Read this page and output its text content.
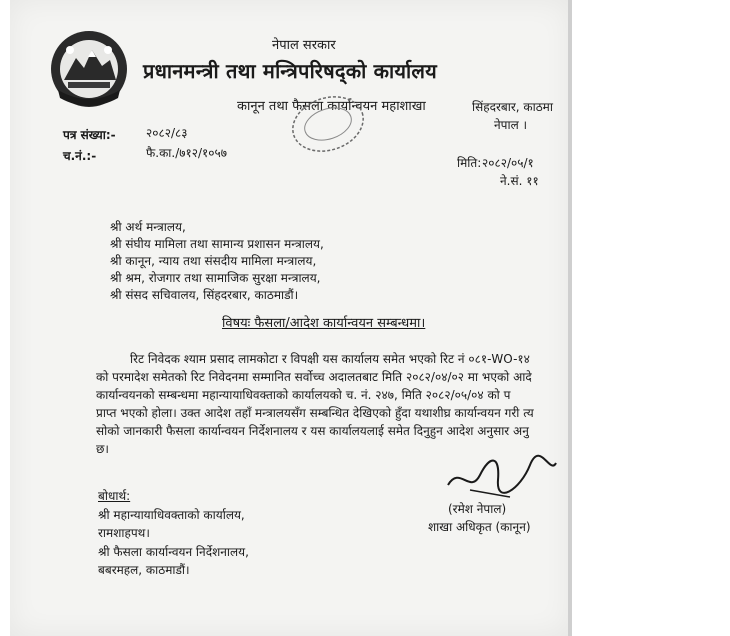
नेपाल सरकार
प्रधानमन्त्री तथा मन्त्रिपरिषद्को कार्यालय
कानून तथा फैसला कार्यान्वयन महाशाखा	सिंहदरबार, काठमा
नेपाल ।
पत्र संख्या:-	२०८२/८३
च.नं.:-	फै.का./७१२/१०५७
मिति: २०८२/०५/१
ने.सं. ११
श्री अर्थ मन्त्रालय,
श्री संघीय मामिला तथा सामान्य प्रशासन मन्त्रालय,
श्री कानून, न्याय तथा संसदीय मामिला मन्त्रालय,
श्री श्रम, रोजगार तथा सामाजिक सुरक्षा मन्त्रालय,
श्री संसद सचिवालय, सिंहदरबार, काठमाडौं।
विषयः फैसला/आदेश कार्यान्वयन सम्बन्धमा।
रिट निवेदक श्याम प्रसाद लामकोटा र विपक्षी यस कार्यालय समेत भएको रिट नं ०८१-WO-१४
को परमादेश समेतको रिट निवेदनमा सम्मानित सर्वोच्च अदालतबाट मिति २०८२/०४/०२ मा भएको आदे
कार्यान्वयनको सम्बन्धमा महान्यायाधिवक्ताको कार्यालयको च. नं. २४७, मिति २०८२/०५/०४ को प
प्राप्त भएको होला। उक्त आदेश तहाँ मन्त्रालयसँग सम्बन्धित देखिएको हुँदा यथाशीघ्र कार्यान्वयन गरी त्य
सोको जानकारी फैसला कार्यान्वयन निर्देशनालय र यस कार्यालयलाई समेत दिनुहुन आदेश अनुसार अनु
छ।
(रमेश नेपाल)
शाखा अधिकृत (कानून)
बोधार्थ:
श्री महान्यायाधिवक्ताको कार्यालय,
रामशाहपथ।
श्री फैसला कार्यान्वयन निर्देशनालय,
बबरमहल, काठमाडौं।
